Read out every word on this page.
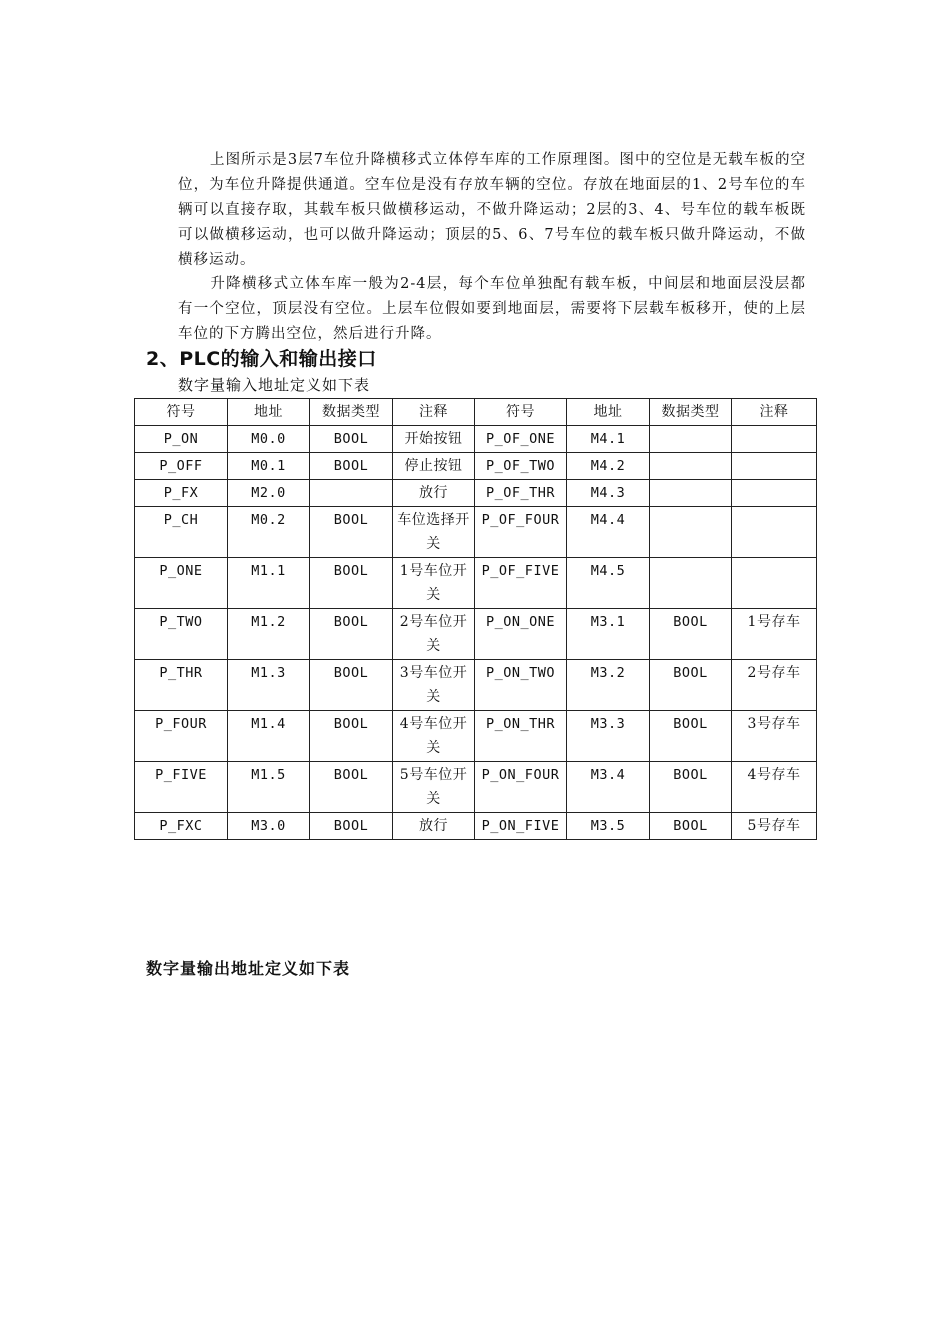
上图所示是3层7车位升降横移式立体停车库的工作原理图。图中的空位是无载车板的空位，为车位升降提供通道。空车位是没有存放车辆的空位。存放在地面层的1、2号车位的车辆可以直接存取，其载车板只做横移运动，不做升降运动；2层的3、4、号车位的载车板既可以做横移运动，也可以做升降运动；顶层的5、6、7号车位的载车板只做升降运动，不做横移运动。

升降横移式立体车库一般为2-4层，每个车位单独配有载车板，中间层和地面层没层都有一个空位，顶层没有空位。上层车位假如要到地面层，需要将下层载车板移开，使的上层车位的下方腾出空位，然后进行升降。

2、PLC的输入和输出接口

数字量输入地址定义如下表

符号	地址	数据类型	注释	符号	地址	数据类型	注释
P_ON	M0.0	BOOL	开始按钮	P_OF_ONE	M4.1		
P_OFF	M0.1	BOOL	停止按钮	P_OF_TWO	M4.2		
P_FX	M2.0		放行	P_OF_THR	M4.3		
P_CH	M0.2	BOOL	车位选择开关	P_OF_FOUR	M4.4		
P_ONE	M1.1	BOOL	1号车位开关	P_OF_FIVE	M4.5		
P_TWO	M1.2	BOOL	2号车位开关	P_ON_ONE	M3.1	BOOL	1号存车
P_THR	M1.3	BOOL	3号车位开关	P_ON_TWO	M3.2	BOOL	2号存车
P_FOUR	M1.4	BOOL	4号车位开关	P_ON_THR	M3.3	BOOL	3号存车
P_FIVE	M1.5	BOOL	5号车位开关	P_ON_FOUR	M3.4	BOOL	4号存车
P_FXC	M3.0	BOOL	放行	P_ON_FIVE	M3.5	BOOL	5号存车
数字量输出地址定义如下表
